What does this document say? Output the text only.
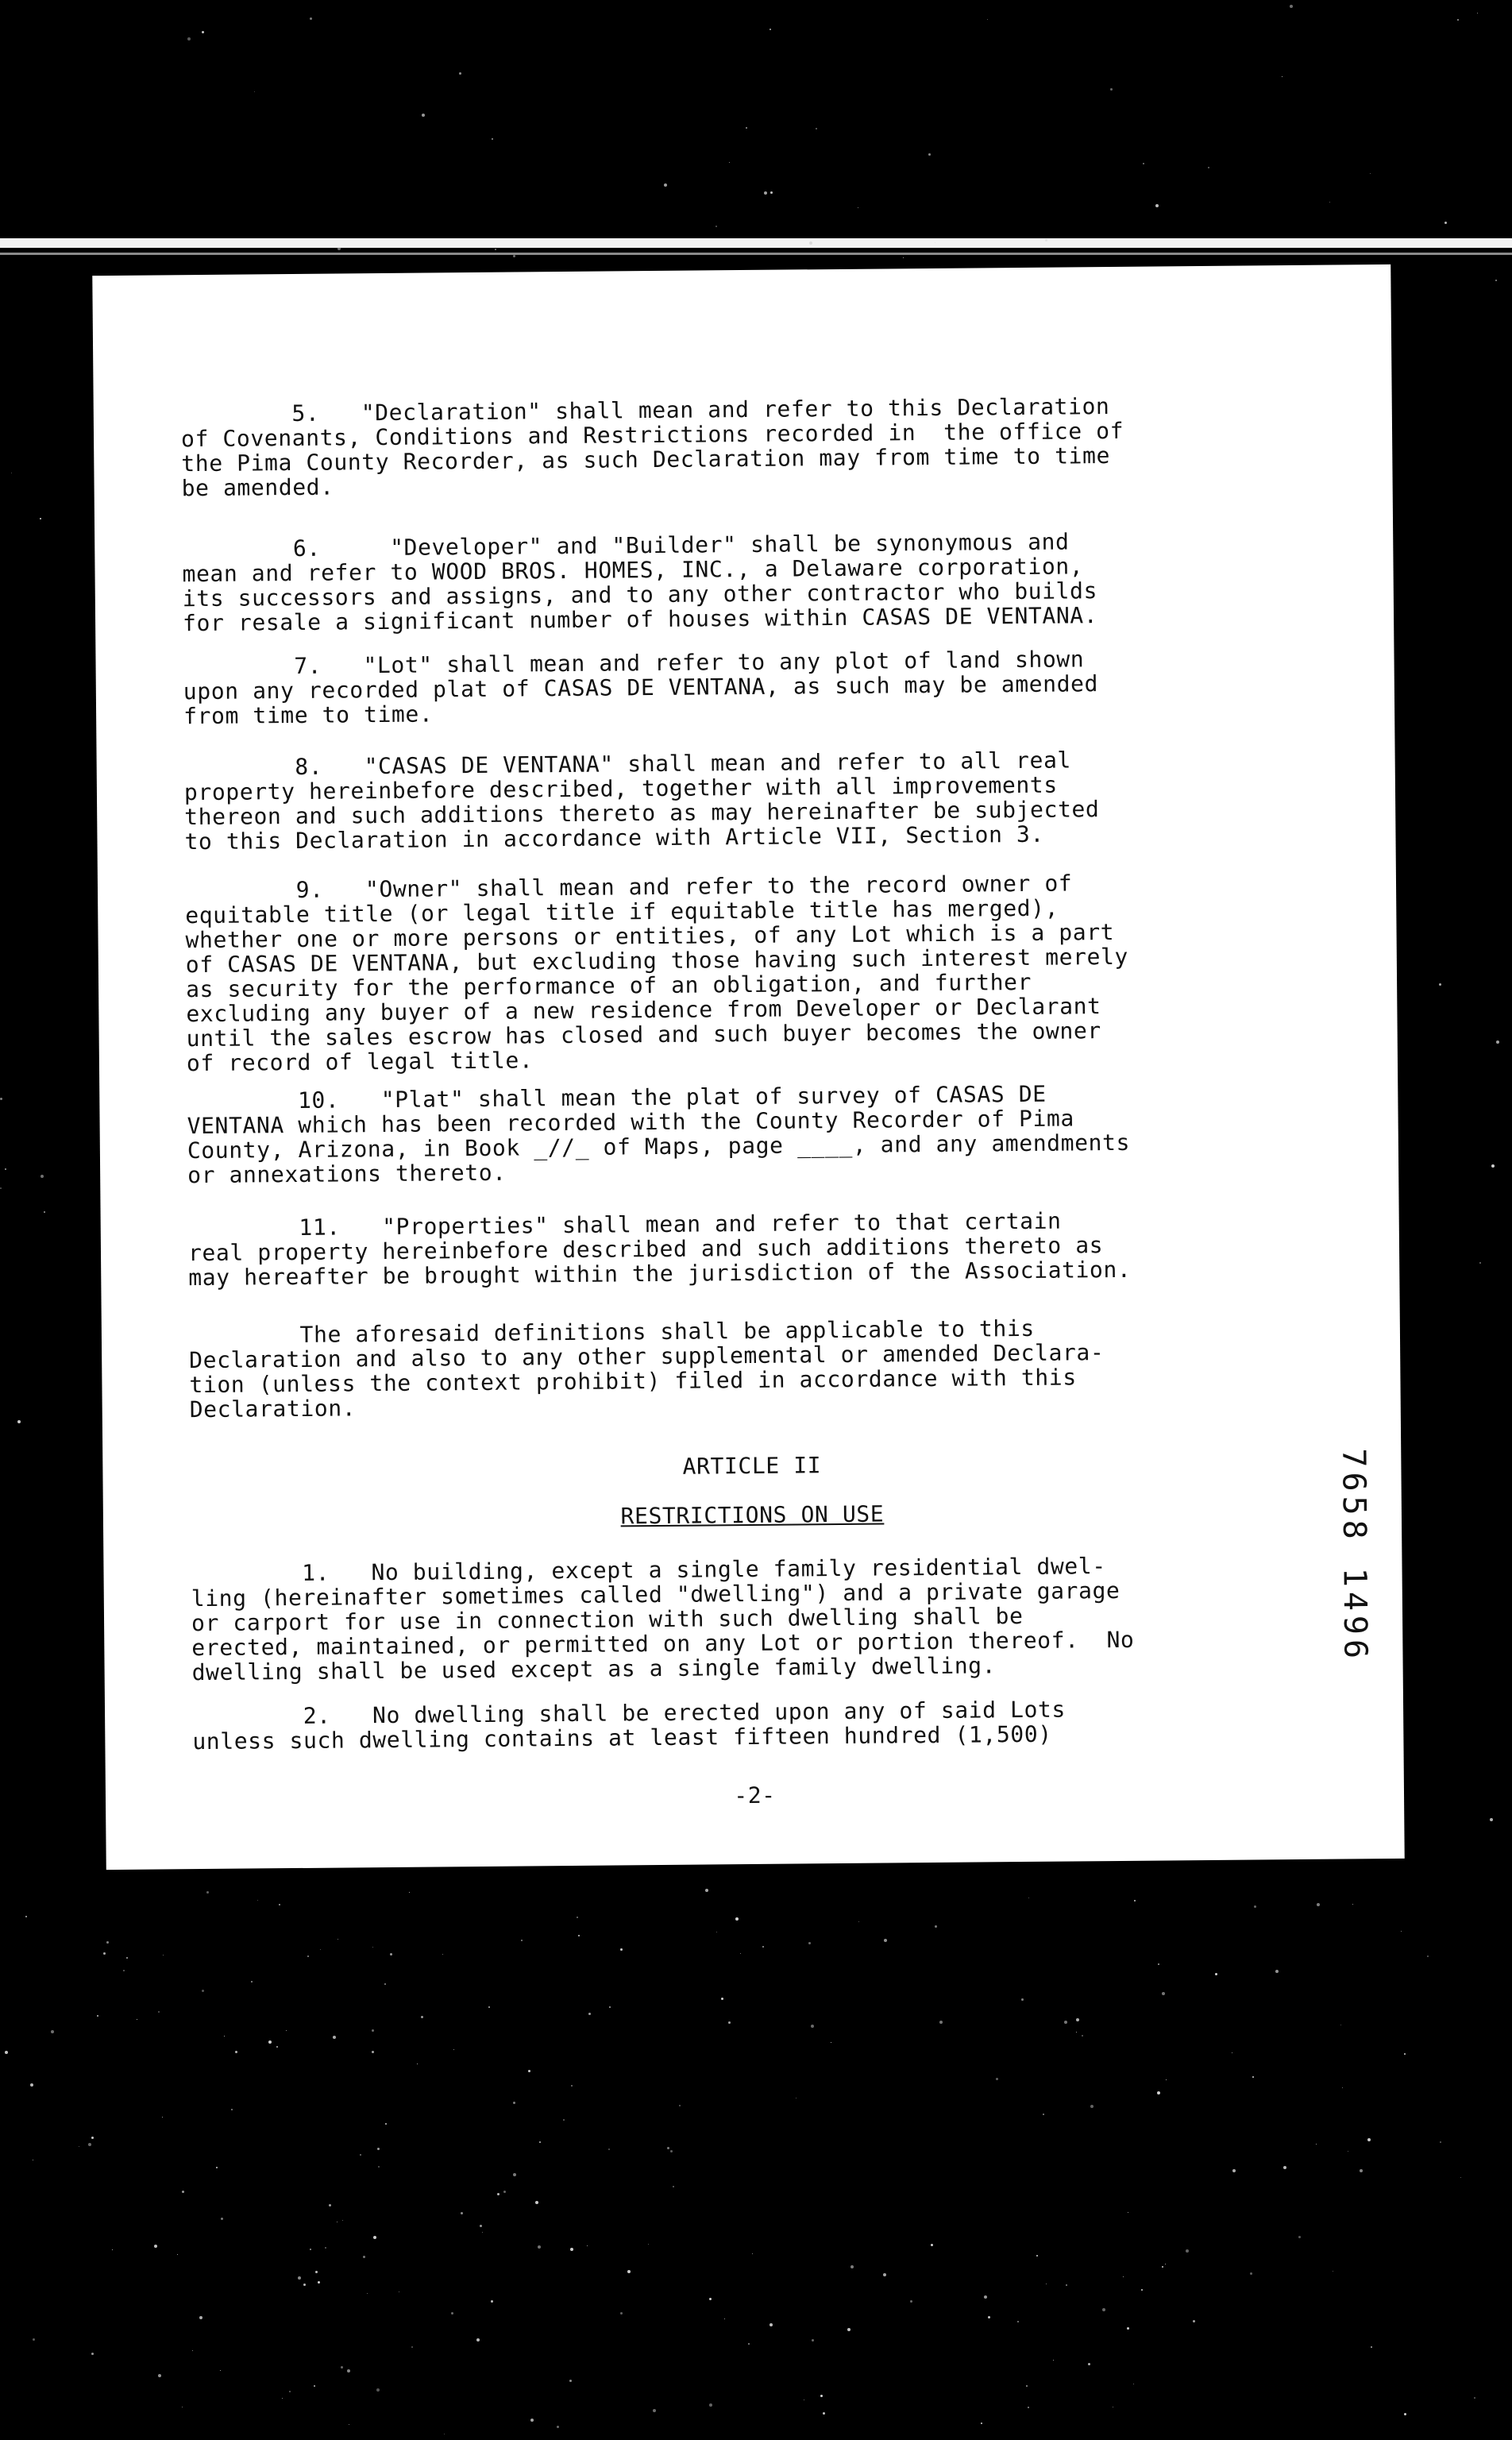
5.   "Declaration" shall mean and refer to this Declaration
of Covenants, Conditions and Restrictions recorded in  the office of
the Pima County Recorder, as such Declaration may from time to time
be amended.
6.     "Developer" and "Builder" shall be synonymous and
mean and refer to WOOD BROS. HOMES, INC., a Delaware corporation,
its successors and assigns, and to any other contractor who builds
for resale a significant number of houses within CASAS DE VENTANA.
7.   "Lot" shall mean and refer to any plot of land shown
upon any recorded plat of CASAS DE VENTANA, as such may be amended
from time to time.
8.   "CASAS DE VENTANA" shall mean and refer to all real
property hereinbefore described, together with all improvements
thereon and such additions thereto as may hereinafter be subjected
to this Declaration in accordance with Article VII, Section 3.
9.   "Owner" shall mean and refer to the record owner of
equitable title (or legal title if equitable title has merged),
whether one or more persons or entities, of any Lot which is a part
of CASAS DE VENTANA, but excluding those having such interest merely
as security for the performance of an obligation, and further
excluding any buyer of a new residence from Developer or Declarant
until the sales escrow has closed and such buyer becomes the owner
of record of legal title.
10.   "Plat" shall mean the plat of survey of CASAS DE
VENTANA which has been recorded with the County Recorder of Pima
County, Arizona, in Book _//_ of Maps, page ____, and any amendments
or annexations thereto.
11.   "Properties" shall mean and refer to that certain
real property hereinbefore described and such additions thereto as
may hereafter be brought within the jurisdiction of the Association.
The aforesaid definitions shall be applicable to this
Declaration and also to any other supplemental or amended Declara-
tion (unless the context prohibit) filed in accordance with this
Declaration.
ARTICLE II
RESTRICTIONS ON USE
1.   No building, except a single family residential dwel-
ling (hereinafter sometimes called "dwelling") and a private garage
or carport for use in connection with such dwelling shall be
erected, maintained, or permitted on any Lot or portion thereof.  No
dwelling shall be used except as a single family dwelling.
2.   No dwelling shall be erected upon any of said Lots
unless such dwelling contains at least fifteen hundred (1,500)
7658 1496
-2-
